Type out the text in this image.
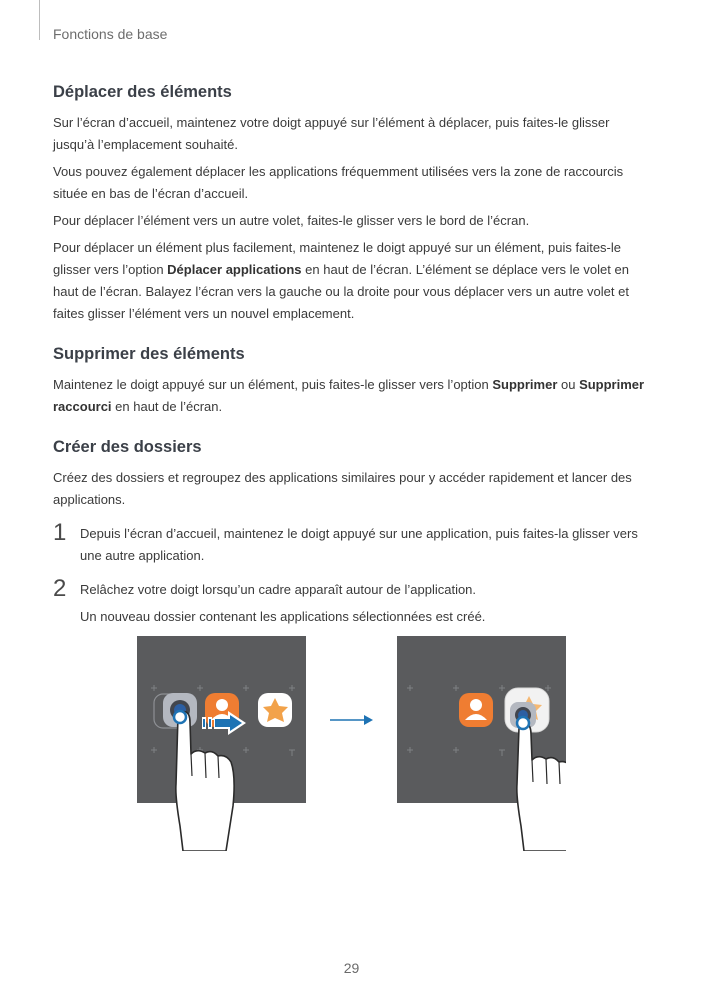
Fonctions de base
Déplacer des éléments

Sur l’écran d’accueil, maintenez votre doigt appuyé sur l’élément à déplacer, puis faites-le glisser jusqu’à l’emplacement souhaité.

Vous pouvez également déplacer les applications fréquemment utilisées vers la zone de raccourcis située en bas de l’écran d’accueil.

Pour déplacer l’élément vers un autre volet, faites-le glisser vers le bord de l’écran.

Pour déplacer un élément plus facilement, maintenez le doigt appuyé sur un élément, puis faites-le glisser vers l’option Déplacer applications en haut de l’écran. L’élément se déplace vers le volet en haut de l’écran. Balayez l’écran vers la gauche ou la droite pour vous déplacer vers un autre volet et faites glisser l’élément vers un nouvel emplacement.

Supprimer des éléments

Maintenez le doigt appuyé sur un élément, puis faites-le glisser vers l’option Supprimer ou Supprimer raccourci en haut de l’écran.

Créer des dossiers

Créez des dossiers et regroupez des applications similaires pour y accéder rapidement et lancer des applications.

1 Depuis l’écran d’accueil, maintenez le doigt appuyé sur une application, puis faites-la glisser vers une autre application.

2 Relâchez votre doigt lorsqu’un cadre apparaît autour de l’application.

Un nouveau dossier contenant les applications sélectionnées est créé.

29
